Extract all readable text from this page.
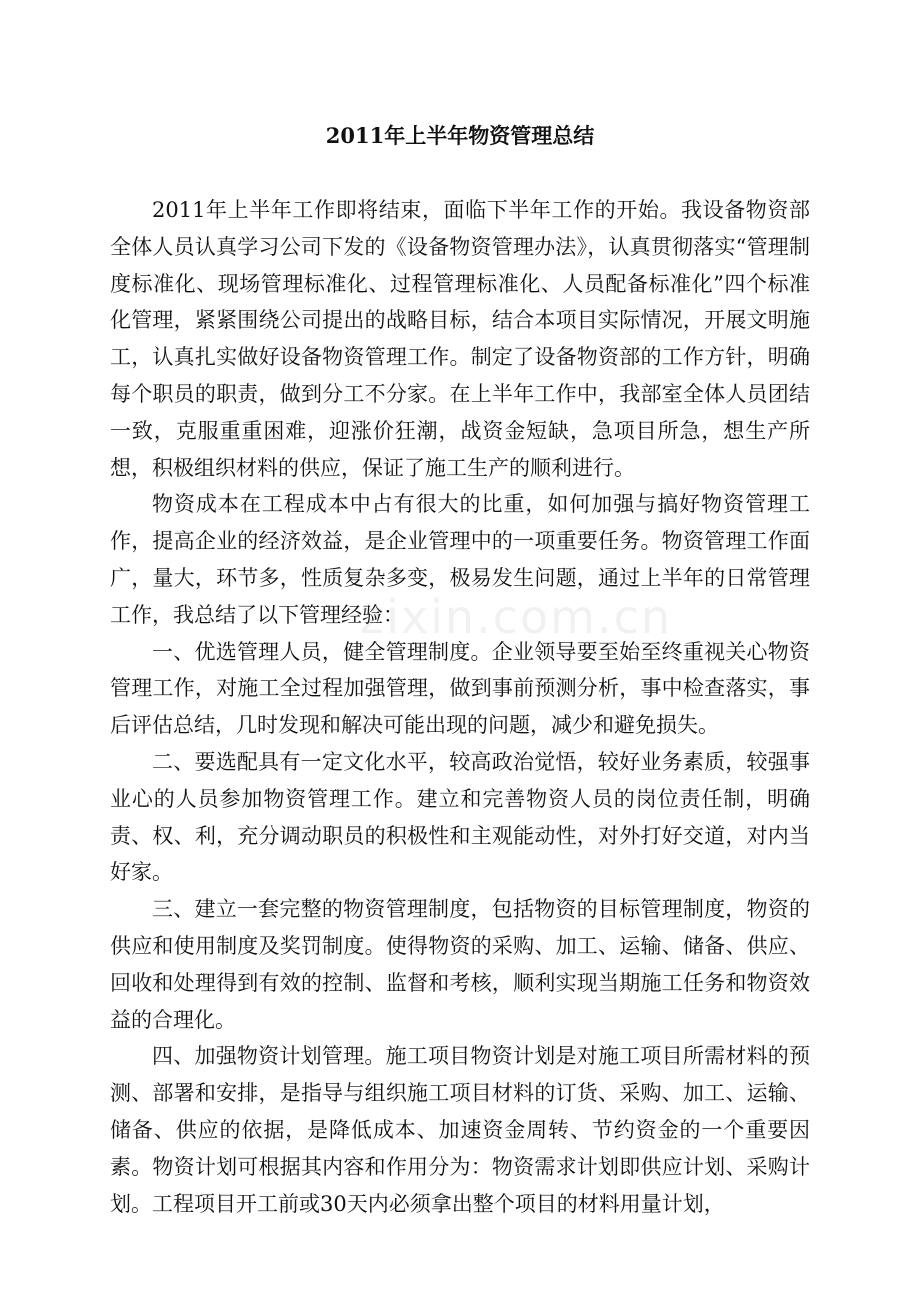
zixin.com.cn
2011年上半年物资管理总结

2011年上半年工作即将结束，面临下半年工作的开始。我设备物资部全体人员认真学习公司下发的《设备物资管理办法》，认真贯彻落实“管理制度标准化、现场管理标准化、过程管理标准化、人员配备标准化”四个标准化管理，紧紧围绕公司提出的战略目标，结合本项目实际情况，开展文明施工，认真扎实做好设备物资管理工作。制定了设备物资部的工作方针，明确每个职员的职责，做到分工不分家。在上半年工作中，我部室全体人员团结一致，克服重重困难，迎涨价狂潮，战资金短缺，急项目所急，想生产所想，积极组织材料的供应，保证了施工生产的顺利进行。

物资成本在工程成本中占有很大的比重，如何加强与搞好物资管理工作，提高企业的经济效益，是企业管理中的一项重要任务。物资管理工作面广，量大，环节多，性质复杂多变，极易发生问题，通过上半年的日常管理工作，我总结了以下管理经验：

一、优选管理人员，健全管理制度。企业领导要至始至终重视关心物资管理工作，对施工全过程加强管理，做到事前预测分析，事中检查落实，事后评估总结，几时发现和解决可能出现的问题，减少和避免损失。

二、要选配具有一定文化水平，较高政治觉悟，较好业务素质，较强事业心的人员参加物资管理工作。建立和完善物资人员的岗位责任制，明确责、权、利，充分调动职员的积极性和主观能动性，对外打好交道，对内当好家。

三、建立一套完整的物资管理制度，包括物资的目标管理制度，物资的供应和使用制度及奖罚制度。使得物资的采购、加工、运输、储备、供应、回收和处理得到有效的控制、监督和考核，顺利实现当期施工任务和物资效益的合理化。

四、加强物资计划管理。施工项目物资计划是对施工项目所需材料的预测、部署和安排，是指导与组织施工项目材料的订货、采购、加工、运输、储备、供应的依据，是降低成本、加速资金周转、节约资金的一个重要因素。物资计划可根据其内容和作用分为：物资需求计划即供应计划、采购计划。工程项目开工前或30天内必须拿出整个项目的材料用量计划，
